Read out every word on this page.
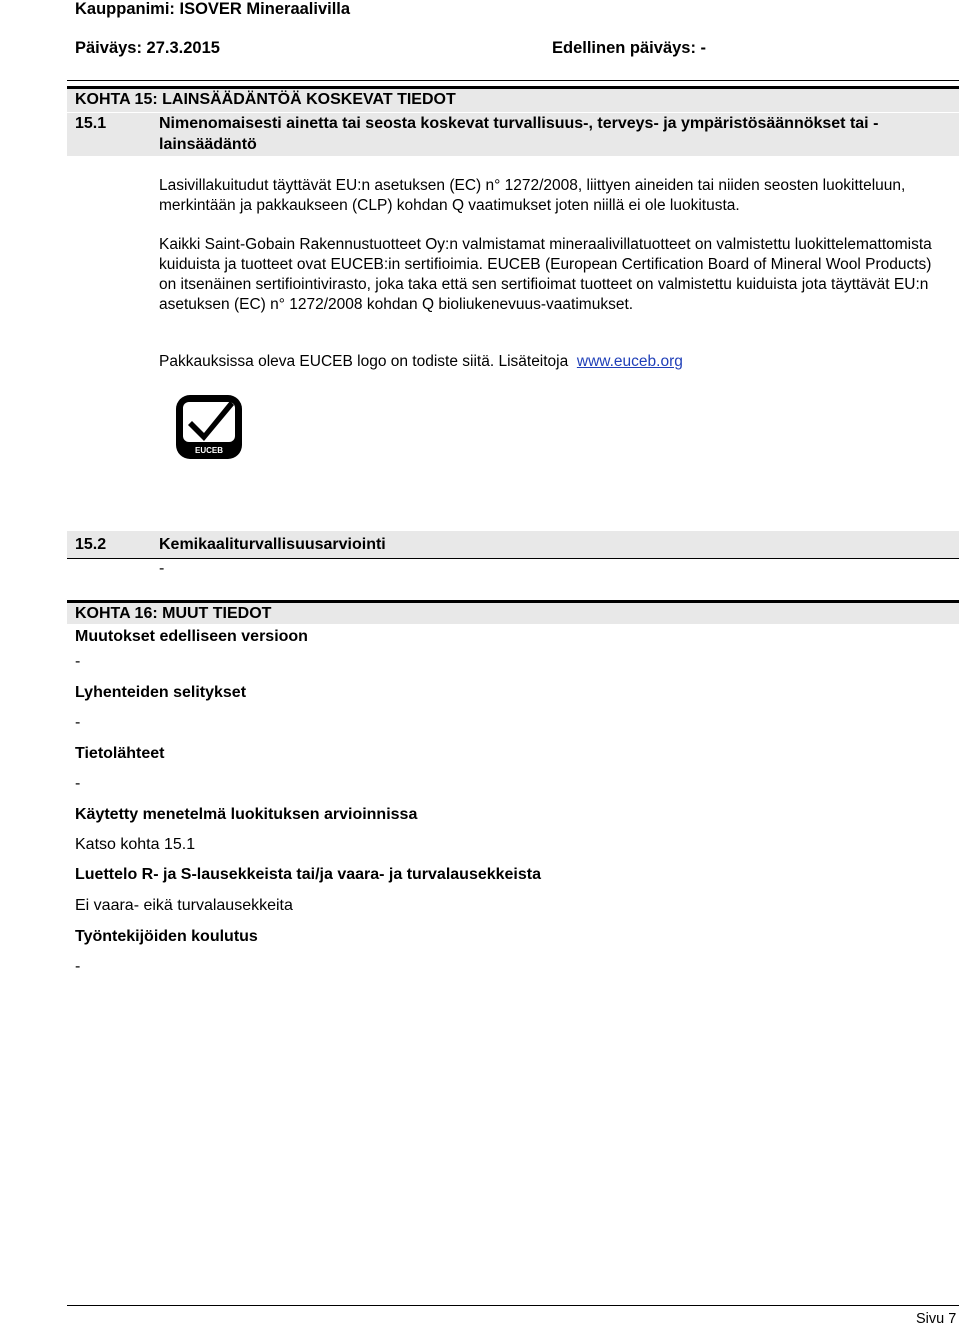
Kauppanimi: ISOVER Mineraalivilla
Päiväys: 27.3.2015	Edellinen päiväys: -
KOHTA 15: LAINSÄÄDÄNTÖÄ KOSKEVAT TIEDOT
15.1	Nimenomaisesti ainetta tai seosta koskevat turvallisuus-, terveys- ja ympäristösäännökset tai -
lainsäädäntö
Lasivillakuitudut täyttävät EU:n asetuksen (EC) n° 1272/2008, liittyen aineiden tai niiden seosten luokitteluun, merkintään ja pakkaukseen (CLP) kohdan Q vaatimukset joten niillä ei ole luokitusta.
Kaikki Saint-Gobain Rakennustuotteet Oy:n valmistamat mineraalivillatuotteet on valmistettu luokittelemattomista kuiduista ja tuotteet ovat EUCEB:in sertifioimia. EUCEB (European Certification Board of Mineral Wool Products) on itsenäinen sertifiointivirasto, joka taka että sen sertifioimat tuotteet on valmistettu kuiduista jota täyttävät EU:n asetuksen (EC) n° 1272/2008 kohdan Q bioliukenevuus-vaatimukset.
Pakkauksissa oleva EUCEB logo on todiste siitä. Lisäteitoja www.euceb.org
EUCEB
15.2	Kemikaaliturvallisuusarviointi
-
KOHTA 16: MUUT TIEDOT
Muutokset edelliseen versioon
-
Lyhenteiden selitykset
-
Tietolähteet
-
Käytetty menetelmä luokituksen arvioinnissa
Katso kohta 15.1
Luettelo R- ja S-lausekkeista tai/ja vaara- ja turvalausekkeista
Ei vaara- eikä turvalausekkeita
Työntekijöiden koulutus
-
Sivu 7
